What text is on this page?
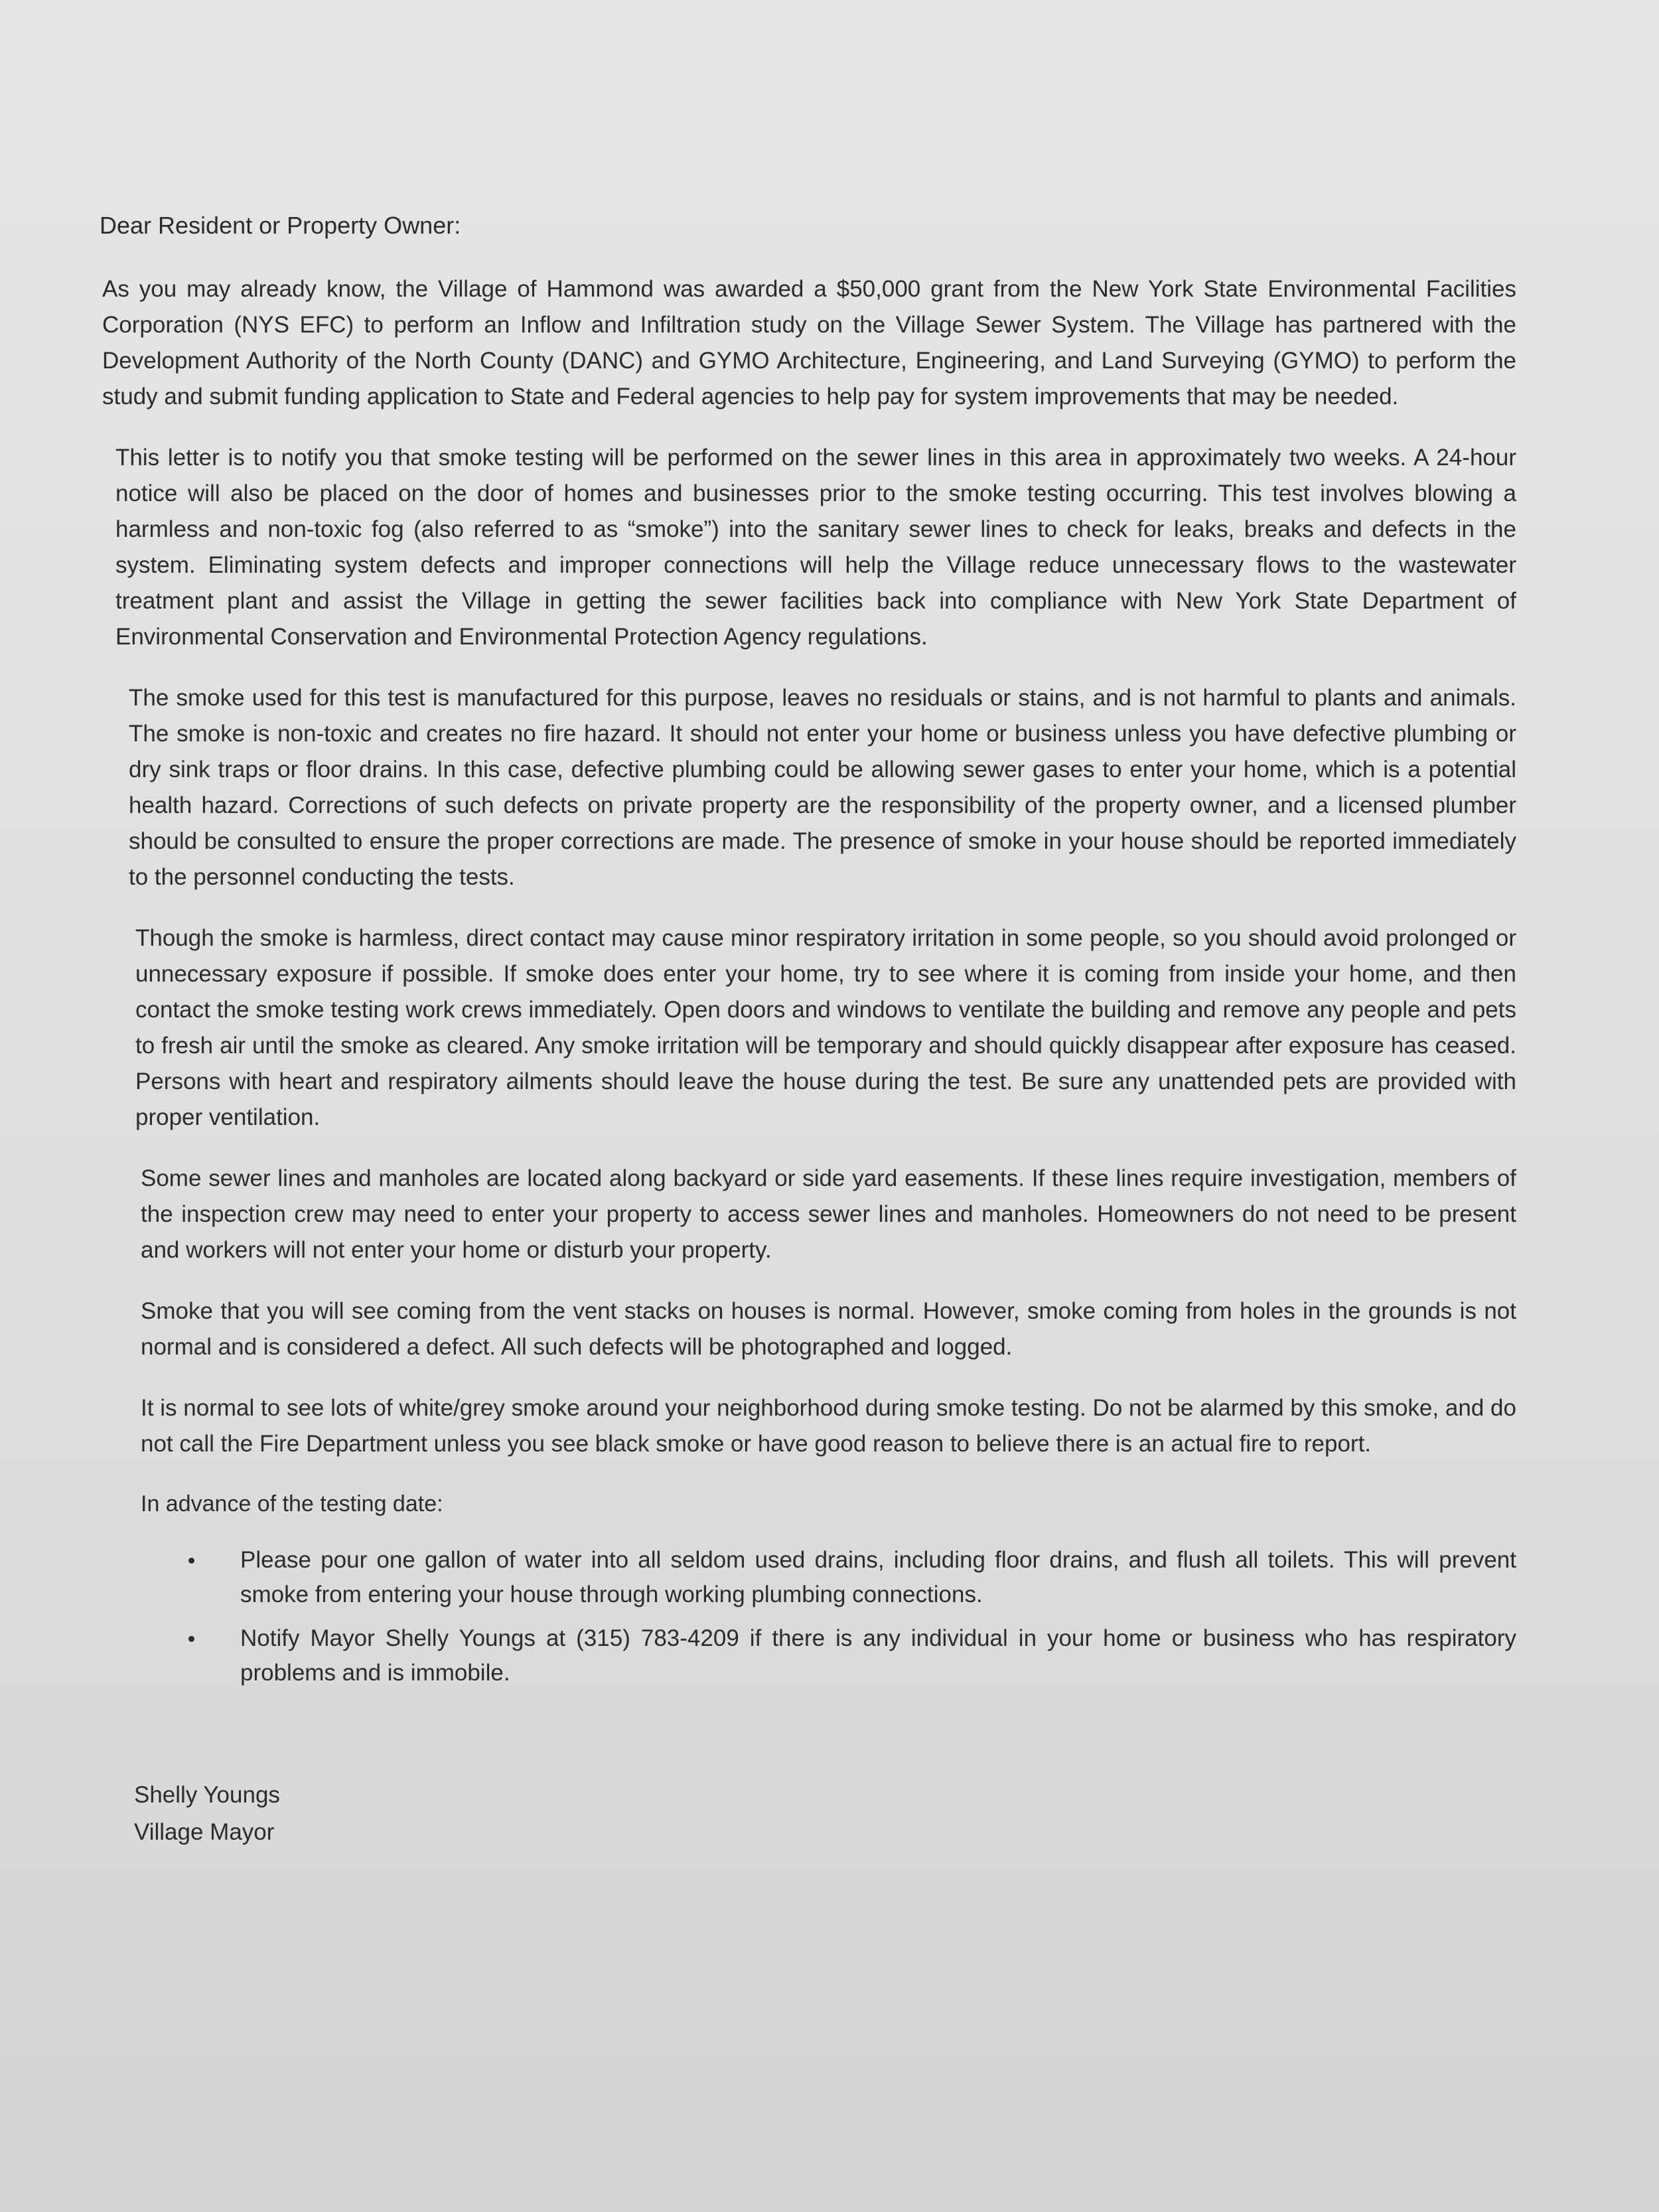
Dear Resident or Property Owner:

As you may already know, the Village of Hammond was awarded a $50,000 grant from the New York State Environmental Facilities Corporation (NYS EFC) to perform an Inflow and Infiltration study on the Village Sewer System. The Village has partnered with the Development Authority of the North County (DANC) and GYMO Architecture, Engineering, and Land Surveying (GYMO) to perform the study and submit funding application to State and Federal agencies to help pay for system improvements that may be needed.

This letter is to notify you that smoke testing will be performed on the sewer lines in this area in approximately two weeks. A 24-hour notice will also be placed on the door of homes and businesses prior to the smoke testing occurring. This test involves blowing a harmless and non-toxic fog (also referred to as “smoke”) into the sanitary sewer lines to check for leaks, breaks and defects in the system. Eliminating system defects and improper connections will help the Village reduce unnecessary flows to the wastewater treatment plant and assist the Village in getting the sewer facilities back into compliance with New York State Department of Environmental Conservation and Environmental Protection Agency regulations.

The smoke used for this test is manufactured for this purpose, leaves no residuals or stains, and is not harmful to plants and animals. The smoke is non-toxic and creates no fire hazard. It should not enter your home or business unless you have defective plumbing or dry sink traps or floor drains. In this case, defective plumbing could be allowing sewer gases to enter your home, which is a potential health hazard. Corrections of such defects on private property are the responsibility of the property owner, and a licensed plumber should be consulted to ensure the proper corrections are made. The presence of smoke in your house should be reported immediately to the personnel conducting the tests.

Though the smoke is harmless, direct contact may cause minor respiratory irritation in some people, so you should avoid prolonged or unnecessary exposure if possible. If smoke does enter your home, try to see where it is coming from inside your home, and then contact the smoke testing work crews immediately. Open doors and windows to ventilate the building and remove any people and pets to fresh air until the smoke as cleared. Any smoke irritation will be temporary and should quickly disappear after exposure has ceased. Persons with heart and respiratory ailments should leave the house during the test. Be sure any unattended pets are provided with proper ventilation.

Some sewer lines and manholes are located along backyard or side yard easements. If these lines require investigation, members of the inspection crew may need to enter your property to access sewer lines and manholes. Homeowners do not need to be present and workers will not enter your home or disturb your property.

Smoke that you will see coming from the vent stacks on houses is normal. However, smoke coming from holes in the grounds is not normal and is considered a defect. All such defects will be photographed and logged.

It is normal to see lots of white/grey smoke around your neighborhood during smoke testing. Do not be alarmed by this smoke, and do not call the Fire Department unless you see black smoke or have good reason to believe there is an actual fire to report.

In advance of the testing date:

Please pour one gallon of water into all seldom used drains, including floor drains, and flush all toilets. This will prevent smoke from entering your house through working plumbing connections.
Notify Mayor Shelly Youngs at (315) 783-4209 if there is any individual in your home or business who has respiratory problems and is immobile.
Shelly Youngs
Village Mayor
